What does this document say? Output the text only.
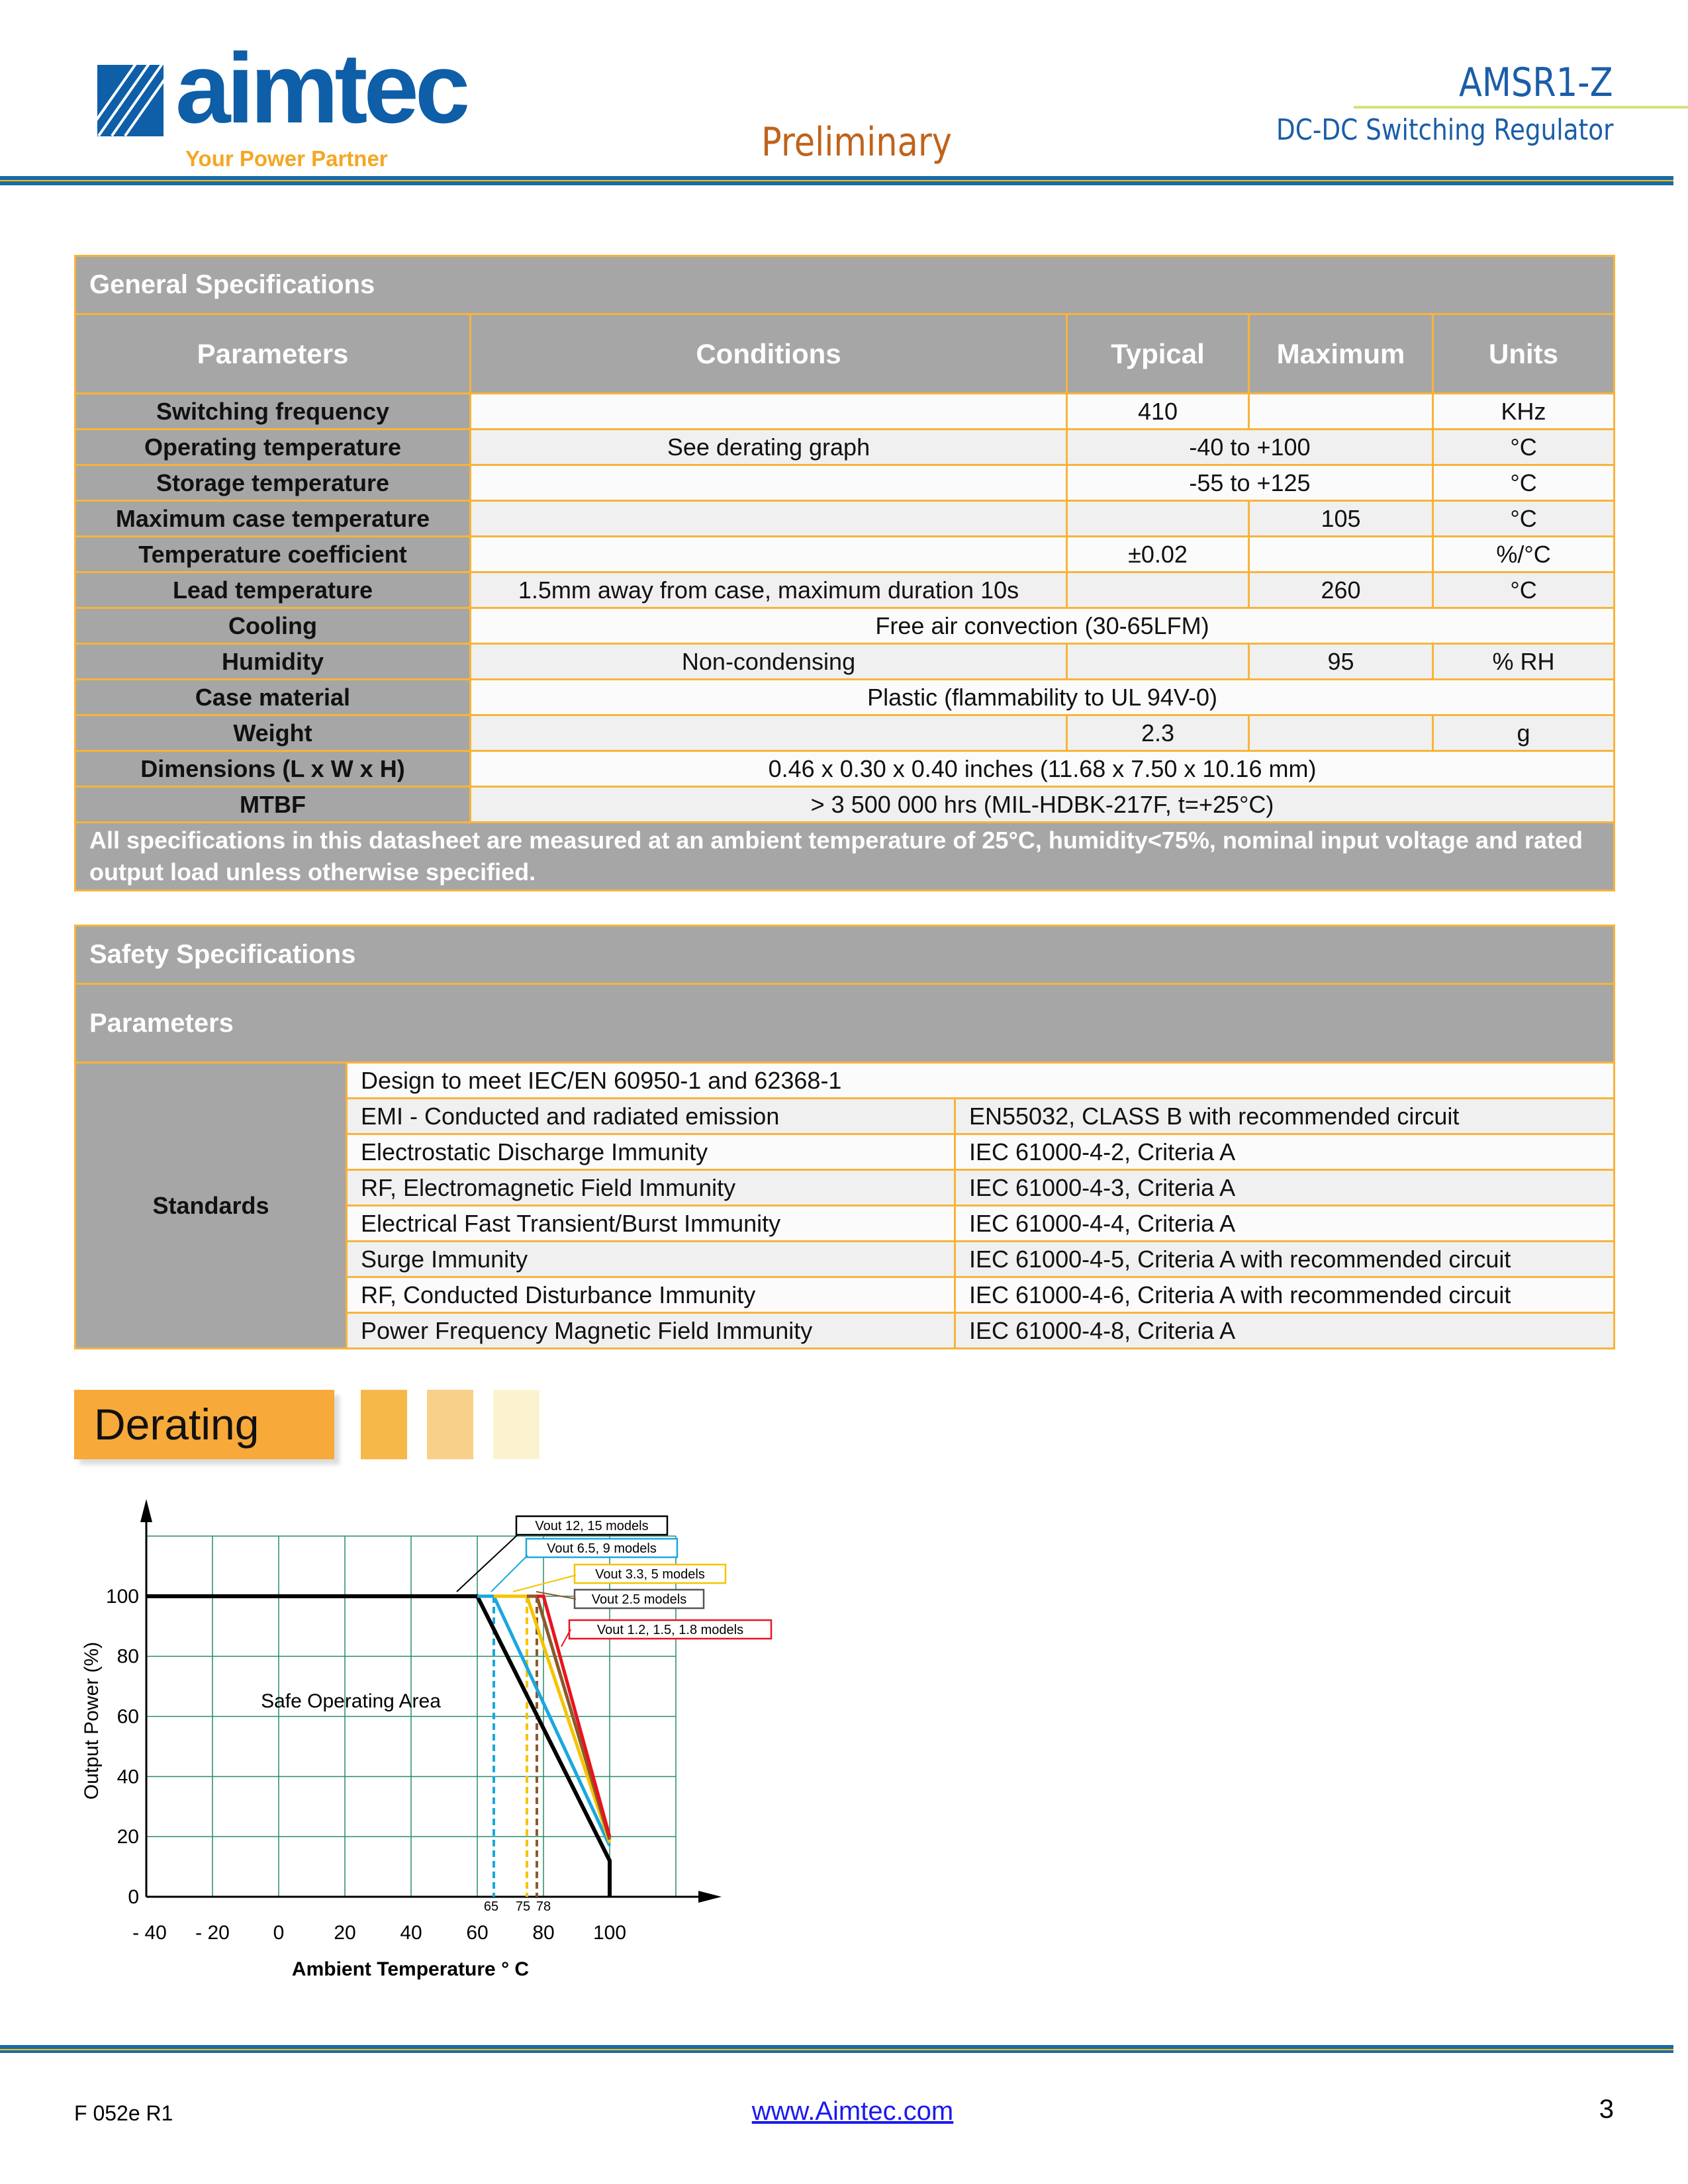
aimtec
Your Power Partner	Preliminary
AMSR1-Z
DC-DC Switching Regulator
General Specifications				
Parameters	Conditions	Typical	Maximum	Units
Switching frequency		410		KHz
Operating temperature	See derating graph	-40 to +100		°C
Storage temperature		-55 to +125		°C
Maximum case temperature			105	°C
Temperature coefficient		±0.02		%/°C
Lead temperature	1.5mm away from case, maximum duration 10s		260	°C
Cooling	Free air convection (30-65LFM)			
Humidity	Non-condensing		95	% RH
Case material	Plastic (flammability to UL 94V-0)			
Weight		2.3		g
Dimensions (L x W x H)	0.46 x 0.30 x 0.40 inches (11.68 x 7.50 x 10.16 mm)			
MTBF	> 3 500 000 hrs (MIL-HDBK-217F, t=+25°C)			
All specifications in this datasheet are measured at an ambient temperature of 25°C, humidity<75%, nominal input voltage and rated output load unless otherwise specified.				
Safety Specifications		
Parameters		
Standards	Design to meet IEC/EN 60950-1 and 62368-1	
	EMI - Conducted and radiated emission	EN55032, CLASS B with recommended circuit
	Electrostatic Discharge Immunity	IEC 61000-4-2, Criteria A
	RF, Electromagnetic Field Immunity	IEC 61000-4-3, Criteria A
	Electrical Fast Transient/Burst Immunity	IEC 61000-4-4, Criteria A
	Surge Immunity	IEC 61000-4-5, Criteria A with recommended circuit
	RF, Conducted Disturbance Immunity	IEC 61000-4-6, Criteria A with recommended circuit
	Power Frequency Magnetic Field Immunity	IEC 61000-4-8, Criteria A
Derating
- 40 - 20 0 20 40 60 80 100
0
20
40
60
80
100
65 75 78
Vout 12, 15 models
Vout 6.5, 9 models
Vout 3.3, 5 models
Vout 2.5 models
Vout 1.2, 1.5, 1.8 models
Safe Operating Area
Ambient Temperature ° C
Output Power (%)
F 052e R1	www.Aimtec.com	3
